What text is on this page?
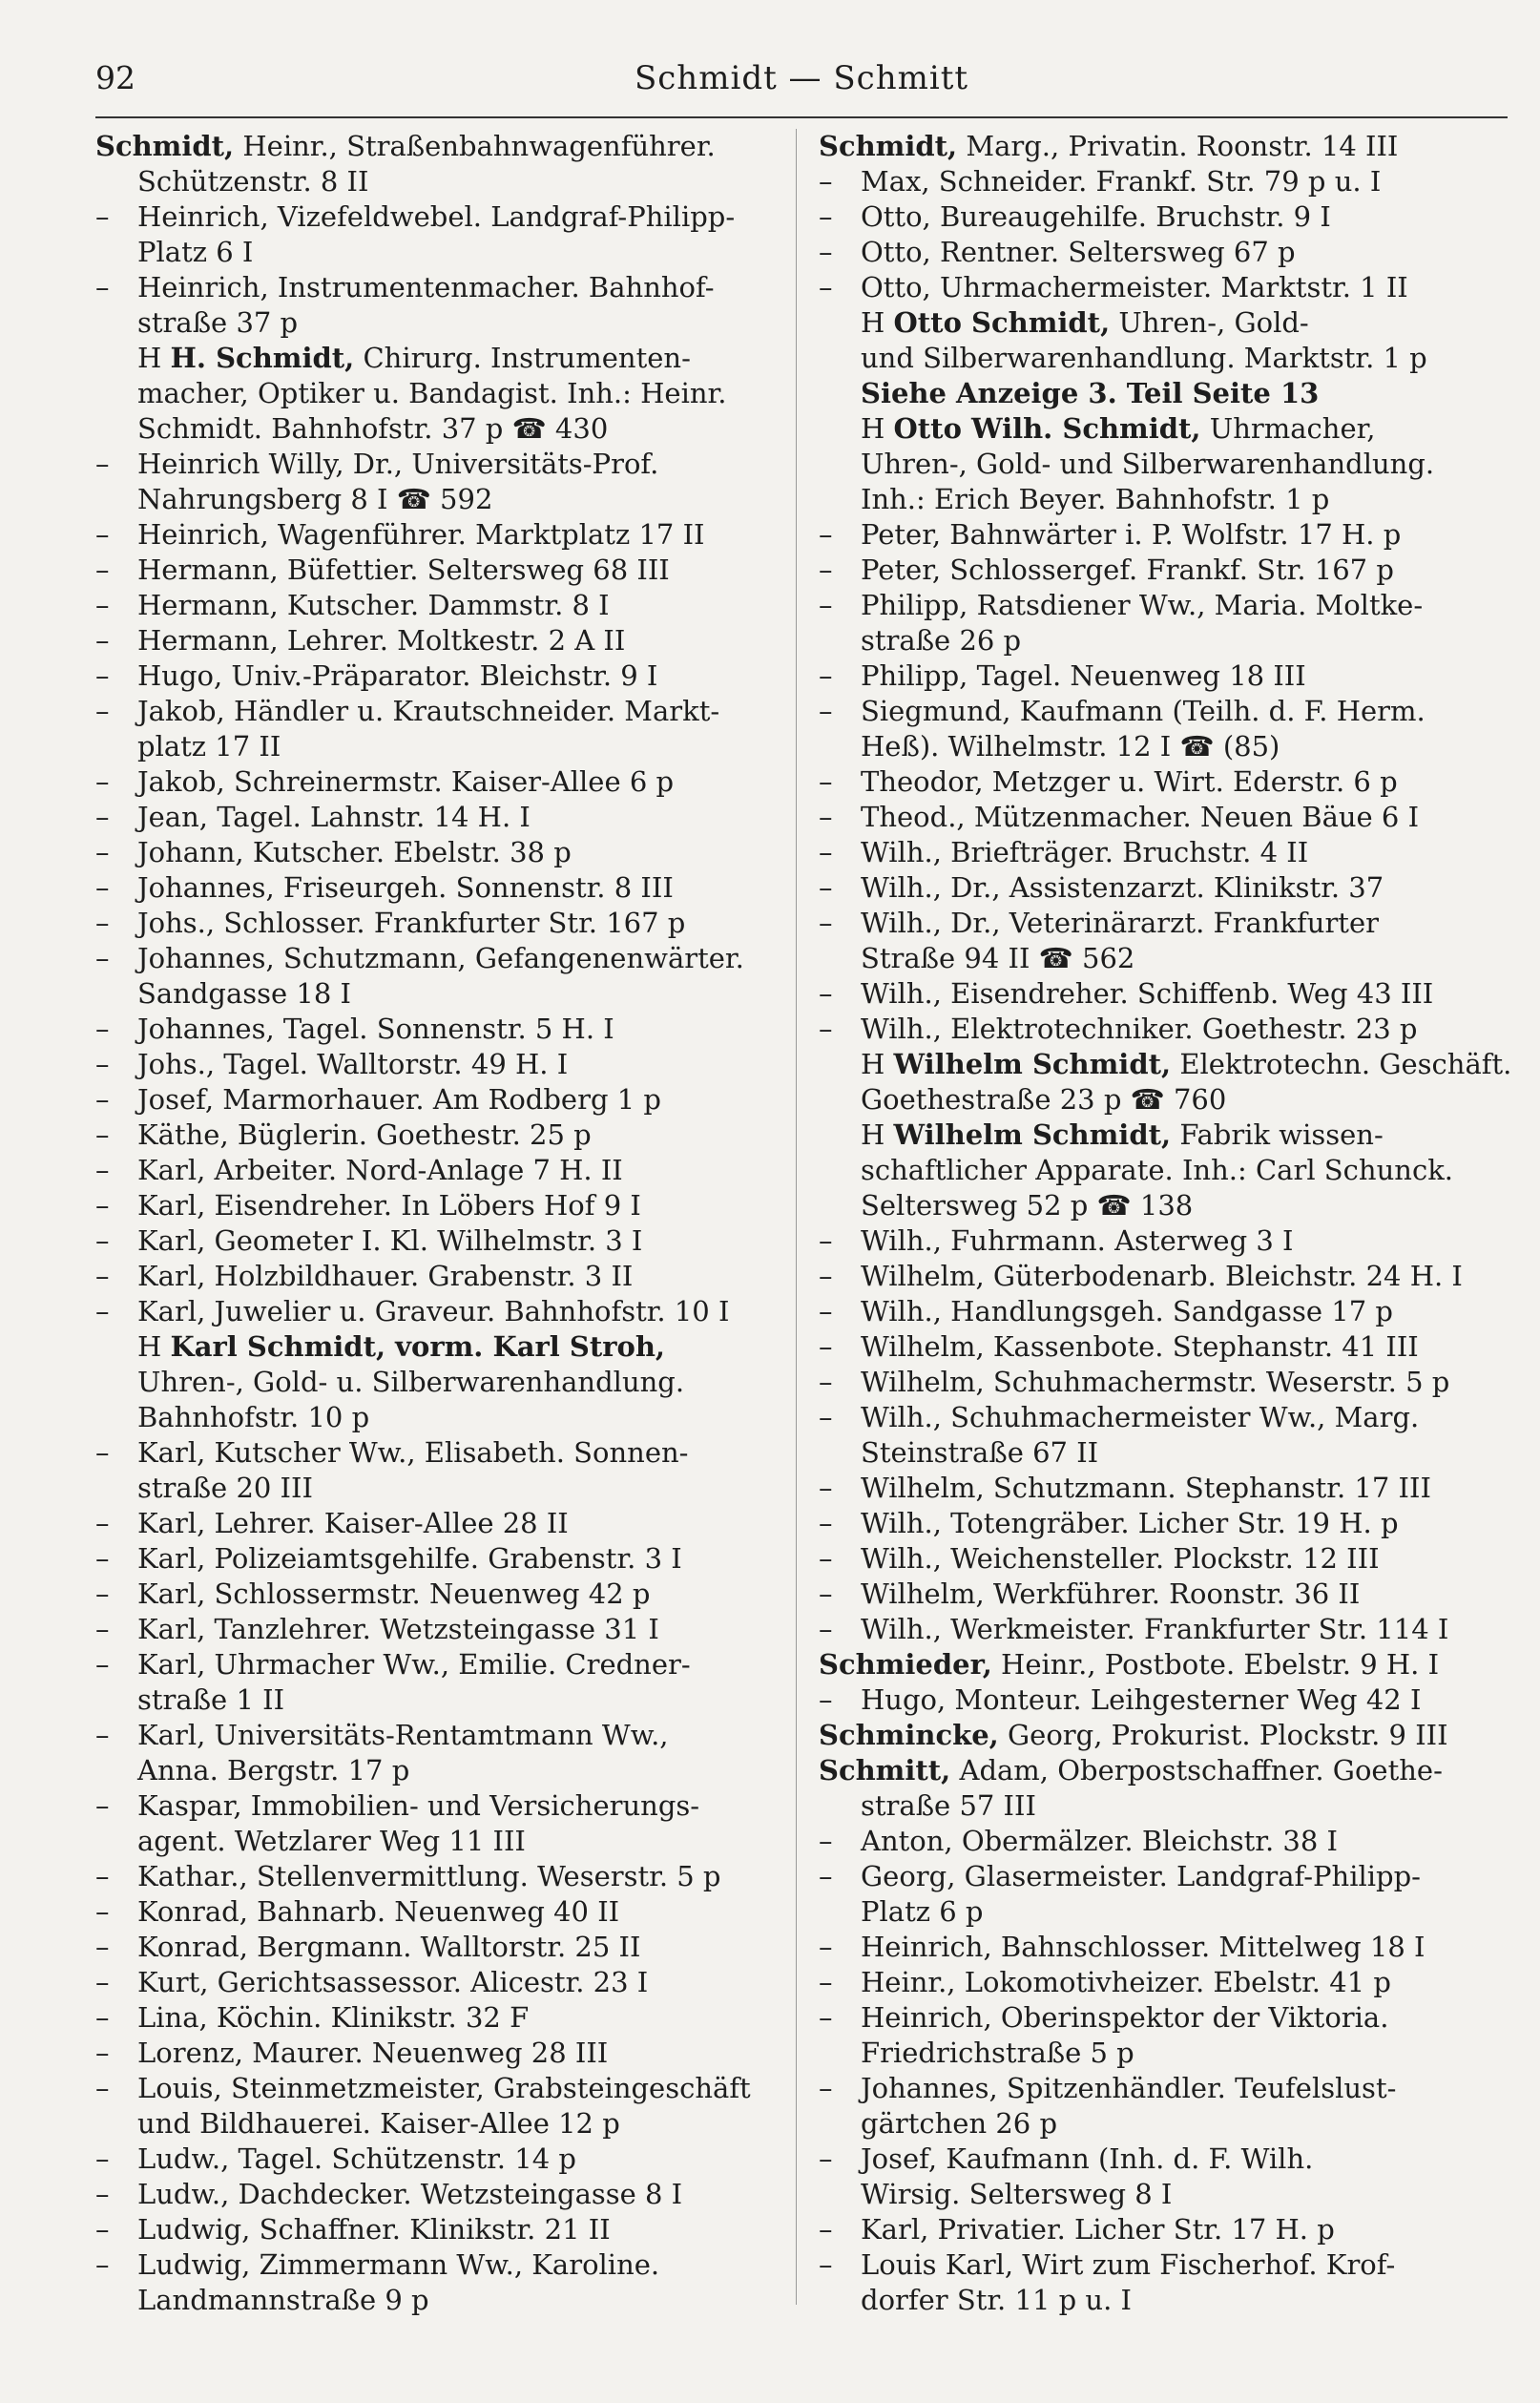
92	Schmidt — Schmitt
Schmidt, Heinr., Straßenbahnwagenführer.
Schützenstr. 8 II
– Heinrich, Vizefeldwebel. Landgraf-Philipp-
Platz 6 I
– Heinrich, Instrumentenmacher. Bahnhof-
straße 37 p
H H. Schmidt, Chirurg. Instrumenten-
macher, Optiker u. Bandagist. Inh.: Heinr.
Schmidt. Bahnhofstr. 37 p ☎ 430
– Heinrich Willy, Dr., Universitäts-Prof.
Nahrungsberg 8 I ☎ 592
– Heinrich, Wagenführer. Marktplatz 17 II
– Hermann, Büfettier. Seltersweg 68 III
– Hermann, Kutscher. Dammstr. 8 I
– Hermann, Lehrer. Moltkestr. 2 A II
– Hugo, Univ.-Präparator. Bleichstr. 9 I
– Jakob, Händler u. Krautschneider. Markt-
platz 17 II
– Jakob, Schreinermstr. Kaiser-Allee 6 p
– Jean, Tagel. Lahnstr. 14 H. I
– Johann, Kutscher. Ebelstr. 38 p
– Johannes, Friseurgeh. Sonnenstr. 8 III
– Johs., Schlosser. Frankfurter Str. 167 p
– Johannes, Schutzmann, Gefangenenwärter.
Sandgasse 18 I
– Johannes, Tagel. Sonnenstr. 5 H. I
– Johs., Tagel. Walltorstr. 49 H. I
– Josef, Marmorhauer. Am Rodberg 1 p
– Käthe, Büglerin. Goethestr. 25 p
– Karl, Arbeiter. Nord-Anlage 7 H. II
– Karl, Eisendreher. In Löbers Hof 9 I
– Karl, Geometer I. Kl. Wilhelmstr. 3 I
– Karl, Holzbildhauer. Grabenstr. 3 II
– Karl, Juwelier u. Graveur. Bahnhofstr. 10 I
H Karl Schmidt, vorm. Karl Stroh,
Uhren-, Gold- u. Silberwarenhandlung.
Bahnhofstr. 10 p
– Karl, Kutscher Ww., Elisabeth. Sonnen-
straße 20 III
– Karl, Lehrer. Kaiser-Allee 28 II
– Karl, Polizeiamtsgehilfe. Grabenstr. 3 I
– Karl, Schlossermstr. Neuenweg 42 p
– Karl, Tanzlehrer. Wetzsteingasse 31 I
– Karl, Uhrmacher Ww., Emilie. Credner-
straße 1 II
– Karl, Universitäts-Rentamtmann Ww.,
Anna. Bergstr. 17 p
– Kaspar, Immobilien- und Versicherungs-
agent. Wetzlarer Weg 11 III
– Kathar., Stellenvermittlung. Weserstr. 5 p
– Konrad, Bahnarb. Neuenweg 40 II
– Konrad, Bergmann. Walltorstr. 25 II
– Kurt, Gerichtsassessor. Alicestr. 23 I
– Lina, Köchin. Klinikstr. 32 F
– Lorenz, Maurer. Neuenweg 28 III
– Louis, Steinmetzmeister, Grabsteingeschäft
und Bildhauerei. Kaiser-Allee 12 p
– Ludw., Tagel. Schützenstr. 14 p
– Ludw., Dachdecker. Wetzsteingasse 8 I
– Ludwig, Schaffner. Klinikstr. 21 II
– Ludwig, Zimmermann Ww., Karoline.
Landmannstraße 9 p
Schmidt, Marg., Privatin. Roonstr. 14 III
– Max, Schneider. Frankf. Str. 79 p u. I
– Otto, Bureaugehilfe. Bruchstr. 9 I
– Otto, Rentner. Seltersweg 67 p
– Otto, Uhrmachermeister. Marktstr. 1 II
H Otto Schmidt, Uhren-, Gold-
und Silberwarenhandlung. Marktstr. 1 p
Siehe Anzeige 3. Teil Seite 13
H Otto Wilh. Schmidt, Uhrmacher,
Uhren-, Gold- und Silberwarenhandlung.
Inh.: Erich Beyer. Bahnhofstr. 1 p
– Peter, Bahnwärter i. P. Wolfstr. 17 H. p
– Peter, Schlossergef. Frankf. Str. 167 p
– Philipp, Ratsdiener Ww., Maria. Moltke-
straße 26 p
– Philipp, Tagel. Neuenweg 18 III
– Siegmund, Kaufmann (Teilh. d. F. Herm.
Heß). Wilhelmstr. 12 I ☎ (85)
– Theodor, Metzger u. Wirt. Ederstr. 6 p
– Theod., Mützenmacher. Neuen Bäue 6 I
– Wilh., Briefträger. Bruchstr. 4 II
– Wilh., Dr., Assistenzarzt. Klinikstr. 37
– Wilh., Dr., Veterinärarzt. Frankfurter
Straße 94 II ☎ 562
– Wilh., Eisendreher. Schiffenb. Weg 43 III
– Wilh., Elektrotechniker. Goethestr. 23 p
H Wilhelm Schmidt, Elektrotechn. Geschäft.
Goethestraße 23 p ☎ 760
H Wilhelm Schmidt, Fabrik wissen-
schaftlicher Apparate. Inh.: Carl Schunck.
Seltersweg 52 p ☎ 138
– Wilh., Fuhrmann. Asterweg 3 I
– Wilhelm, Güterbodenarb. Bleichstr. 24 H. I
– Wilh., Handlungsgeh. Sandgasse 17 p
– Wilhelm, Kassenbote. Stephanstr. 41 III
– Wilhelm, Schuhmachermstr. Weserstr. 5 p
– Wilh., Schuhmachermeister Ww., Marg.
Steinstraße 67 II
– Wilhelm, Schutzmann. Stephanstr. 17 III
– Wilh., Totengräber. Licher Str. 19 H. p
– Wilh., Weichensteller. Plockstr. 12 III
– Wilhelm, Werkführer. Roonstr. 36 II
– Wilh., Werkmeister. Frankfurter Str. 114 I
Schmieder, Heinr., Postbote. Ebelstr. 9 H. I
– Hugo, Monteur. Leihgesterner Weg 42 I
Schmincke, Georg, Prokurist. Plockstr. 9 III
Schmitt, Adam, Oberpostschaffner. Goethe-
straße 57 III
– Anton, Obermälzer. Bleichstr. 38 I
– Georg, Glasermeister. Landgraf-Philipp-
Platz 6 p
– Heinrich, Bahnschlosser. Mittelweg 18 I
– Heinr., Lokomotivheizer. Ebelstr. 41 p
– Heinrich, Oberinspektor der Viktoria.
Friedrichstraße 5 p
– Johannes, Spitzenhändler. Teufelslust-
gärtchen 26 p
– Josef, Kaufmann (Inh. d. F. Wilh.
Wirsig. Seltersweg 8 I
– Karl, Privatier. Licher Str. 17 H. p
– Louis Karl, Wirt zum Fischerhof. Krof-
dorfer Str. 11 p u. I
